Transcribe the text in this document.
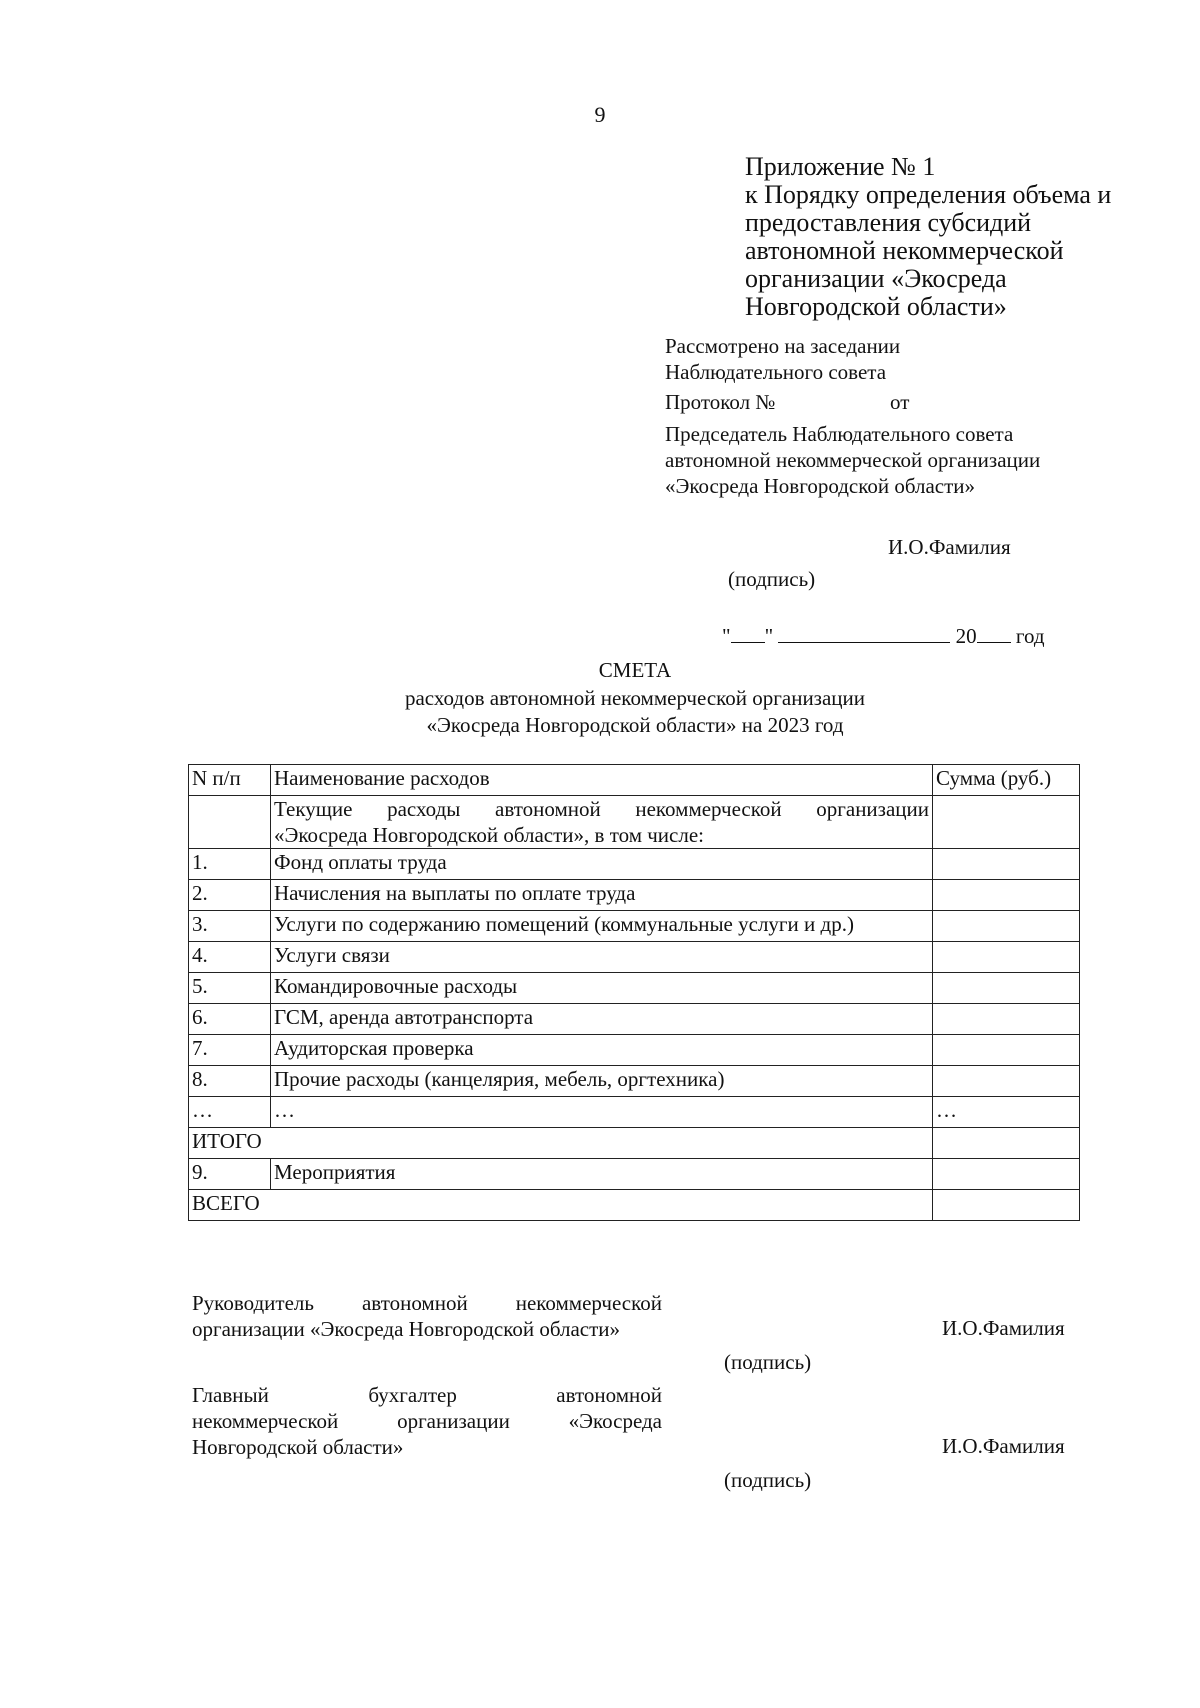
9
Приложение № 1
к Порядку определения объема и
предоставления субсидий
автономной некоммерческой
организации «Экосреда
Новгородской области»
Рассмотрено на заседании
Наблюдательного совета
Протокол №	от
Председатель Наблюдательного совета
автономной некоммерческой организации
«Экосреда Новгородской области»
И.О.Фамилия
(подпись)
" "	20 год
СМЕТА
расходов автономной некоммерческой организации
«Экосреда Новгородской области» на 2023 год
N п/п	Наименование расходов	Сумма (руб.)

	Текущие расходы автономной некоммерческой организации
«Экосреда Новгородской области», в том числе:	

1.	Фонд оплаты труда	
2.	Начисления на выплаты по оплате труда	
3.	Услуги по содержанию помещений (коммунальные услуги и др.)	
4.	Услуги связи	
5.	Командировочные расходы	
6.	ГСМ, аренда автотранспорта	
7.	Аудиторская проверка	
8.	Прочие расходы (канцелярия, мебель, оргтехника)	
…	…	…
ИТОГО		
9.	Мероприятия	
ВСЕГО		
Руководитель автономной некоммерческой
организации «Экосреда Новгородской области»	И.О.Фамилия
(подпись)
Главный бухгалтер автономной
некоммерческой организации «Экосреда
Новгородской области»	И.О.Фамилия
(подпись)
